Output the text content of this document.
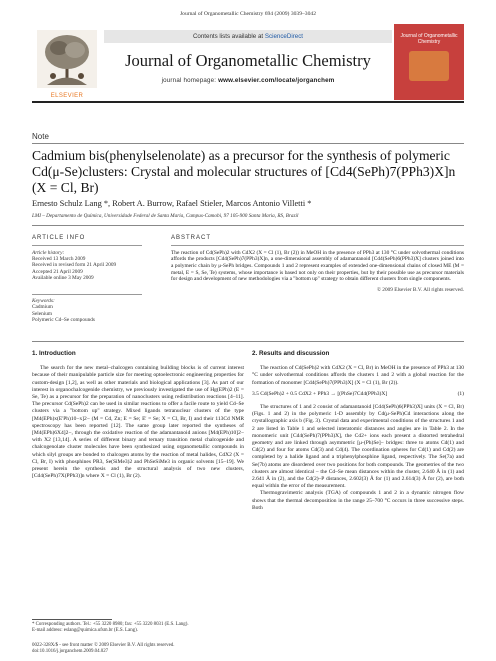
Journal of Organometallic Chemistry 694 (2009) 3039–3042
ELSEVIER
Contents lists available at ScienceDirect
Journal of Organometallic Chemistry
journal homepage: www.elsevier.com/locate/jorganchem
Journal of Organometallic Chemistry
Note
Cadmium bis(phenylselenolate) as a precursor for the synthesis of polymeric Cd(μ-Se)clusters: Crystal and molecular structures of [Cd4(SePh)7(PPh3)X]n (X = Cl, Br)
Ernesto Schulz Lang *, Robert A. Burrow, Rafael Stieler, Marcos Antonio Villetti *
LMI – Departamento de Química, Universidade Federal de Santa Maria, Campus-Camobi, 97 105-900 Santa Maria, RS, Brazil
ARTICLE INFO
Article history:
Received 13 March 2009
Received in revised form 21 April 2009
Accepted 21 April 2009
Available online 3 May 2009
Keywords:
Cadmium
Selenium
Polymeric Cd–Se compounds
ABSTRACT
The reaction of Cd(SePh)2 with CdX2 (X = Cl (1), Br (2)) in MeOH in the presence of PPh3 at 130 °C under solvothermal conditions affords the products [Cd4(SePh)7(PPh3)X]n, a one-dimensional assembly of adamantanoid [Cd4(SePh)6(PPh3)X] clusters joined into a polymeric chain by μ-SePh bridges. Compounds 1 and 2 represent examples of extended one-dimensional chains of closed ME (M = metal, E = S, Se, Te) systems, whose importance is based not only on their properties, but by their possible use as precursor materials for design and development of new methodologies via a "bottom up" strategy to obtain different clusters from single components.
© 2009 Elsevier B.V. All rights reserved.
1. Introduction

The search for the new metal–chalcogen containing building blocks is of current interest because of their manipulable particle size for meeting optoelectronic engineering properties for custom-design [1,2], as well as other materials and biological applications [3]. As part of our interest in organochalcogenide chemistry, we previously investigated the use of Hg(EPh)2 (E = Se, Te) as a precursor for the preparation of nanoclusters using redistribution reactions [4–11]. The precursor Cd(SePh)2 can be used in similar reactions to offer a facile route to yield Cd–Se clusters via a "bottom up" strategy. Mixed ligands tetranuclear clusters of the type [M4(EPh)x(E'Ph)10−x]2− (M = Cd, Zn; E = Se; E' = Se; X = Cl, Br, I) and their 113Cd NMR spectroscopy has been reported [12]. The same group later reported the syntheses of [M4(EPh)6X4]2−, through the oxidative reaction of the adamantanoid anions [M4(EPh)10]2− with X2 [13,14]. A series of different binary and ternary transition metal chalcogenide and chalcogenolate cluster molecules have been synthesized using organometallic compounds in which silyl groups are bonded to chalcogen atoms by the reaction of metal halides, CdX2 (X = Cl, Br, I) with phosphines PR3, Se(SiMe3)2 and PhSeSiMe3 in organic solvents [15–19]. We present herein the synthesis and the structural analysis of two new clusters, [Cd4(SePh)7X(PPh3)]n where X = Cl (1), Br (2).

2. Results and discussion

The reaction of Cd(SePh)2 with CdX2 (X = Cl, Br) in MeOH in the presence of PPh3 at 130 °C under solvothermal conditions affords the clusters 1 and 2 with a global reaction for the formation of monomer [Cd4(SePh)7(PPh3)X] (X = Cl (1), Br (2)).

3.5 Cd(SePh)2 + 0.5 CdX2 + PPh3 → [(PhSe)7Cd4(PPh3)X]	(1)

The structures of 1 and 2 consist of adamantanoid [Cd4(SePh)6(PPh3)X] units (X = Cl, Br) (Figs. 1 and 2) in the polymeric 1-D assembly by Cd(μ-SePh)Cd interactions along the crystallographic axis b (Fig. 3). Crystal data and experimental conditions of the structures 1 and 2 are listed in Table 1 and selected interatomic distances and angles are in Table 2. In the monomeric unit [Cd4(SePh)7(PPh3)X], the Cd2+ ions each present a distorted tetrahedral geometry and are linked through asymmetric [μ-(Ph)Se]− bridges: three to atoms Cd(1) and Cd(2) and four for atoms Cd(3) and Cd(4). The coordination spheres for Cd(1) and Cd(2) are completed by a halide ligand and a triphenylphosphine ligand, respectively. The Se(7a) and Se(7b) atoms are disordered over two positions for both compounds. The geometries of the two clusters are almost identical – the Cd–Se mean distances within the cluster, 2.640 Å in (1) and 2.641 Å in (2), and the Cd(2)–P distances, 2.602(3) Å for (1) and 2.614(3) Å for (2), are both equal within the error of the measurement.

Thermogravimetric analysis (TGA) of compounds 1 and 2 in a dynamic nitrogen flow shows that the thermal decomposition in the range 25–700 °C occurs in three successive steps. Both

* Corresponding authors. Tel.: +55 3220 8980; fax: +55 3220 8031 (E.S. Lang).
E-mail address: eslang@quimica.ufsm.br (E.S. Lang).
0022-328X/$ - see front matter © 2009 Elsevier B.V. All rights reserved.
doi:10.1016/j.jorganchem.2009.04.027
